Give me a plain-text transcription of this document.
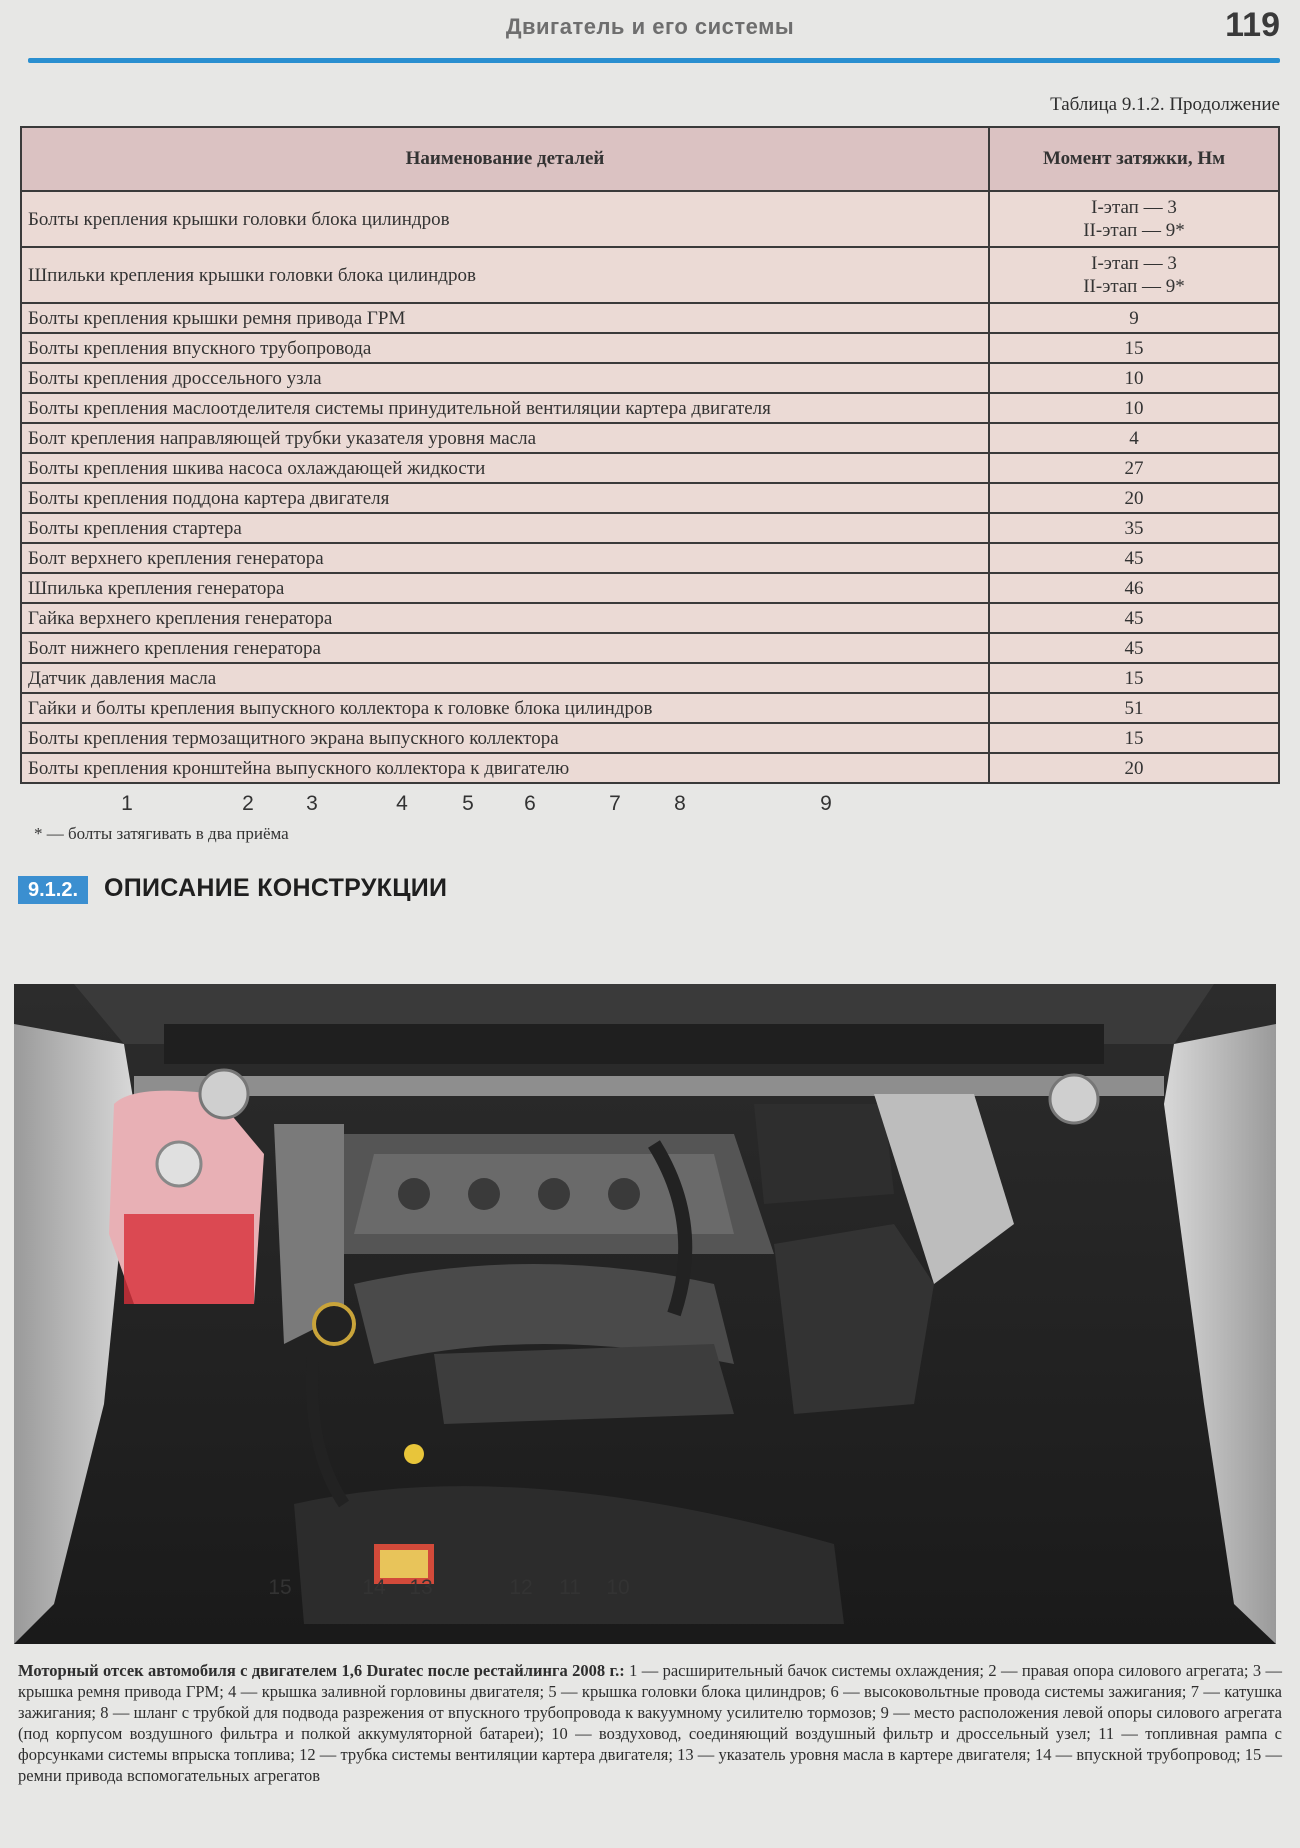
Двигатель и его системы	119
Таблица 9.1.2. Продолжение
Наименование деталей	Момент затяжки, Нм
Болты крепления крышки головки блока цилиндров	I-этап — 3
II-этап — 9*

Шпильки крепления крышки головки блока цилиндров	I-этап — 3
II-этап — 9*

Болты крепления крышки ремня привода ГРМ	9

Болты крепления впускного трубопровода	15

Болты крепления дроссельного узла	10

Болты крепления маслоотделителя системы принудительной вентиляции картера двигателя	10

Болт крепления направляющей трубки указателя уровня масла	4

Болты крепления шкива насоса охлаждающей жидкости	27

Болты крепления поддона картера двигателя	20

Болты крепления стартера	35

Болт верхнего крепления генератора	45

Шпилька крепления генератора	46

Гайка верхнего крепления генератора	45

Болт нижнего крепления генератора	45

Датчик давления масла	15

Гайки и болты крепления выпускного коллектора к головке блока цилиндров	51

Болты крепления термозащитного экрана выпускного коллектора	15

Болты крепления кронштейна выпускного коллектора к двигателю	20
* — болты затягивать в два приёма
9.1.2.	ОПИСАНИЕ КОНСТРУКЦИИ
1	2 3	4	5 6	7	8	9
15	14 13	12 11 10
Моторный отсек автомобиля с двигателем 1,6 Duratec после рестайлинга 2008 г.: 1 — расширительный бачок системы охлаждения; 2 — правая опора силового агрегата; 3 — крышка ремня привода ГРМ; 4 — крышка заливной горловины двигателя; 5 — крышка головки блока цилиндров; 6 — высоковольтные провода системы зажигания; 7 — катушка зажигания; 8 — шланг с трубкой для подвода разрежения от впускного трубопровода к вакуумному усилителю тормозов; 9 — место расположения левой опоры силового агрегата (под корпусом воздушного фильтра и полкой аккумуляторной батареи); 10 — воздуховод, соединяющий воздушный фильтр и дроссельный узел; 11 — топливная рампа с форсунками системы впрыска топлива; 12 — трубка системы вентиляции картера двигателя; 13 — указатель уровня масла в картере двигателя; 14 — впускной трубопровод; 15 — ремни привода вспомогательных агрегатов
